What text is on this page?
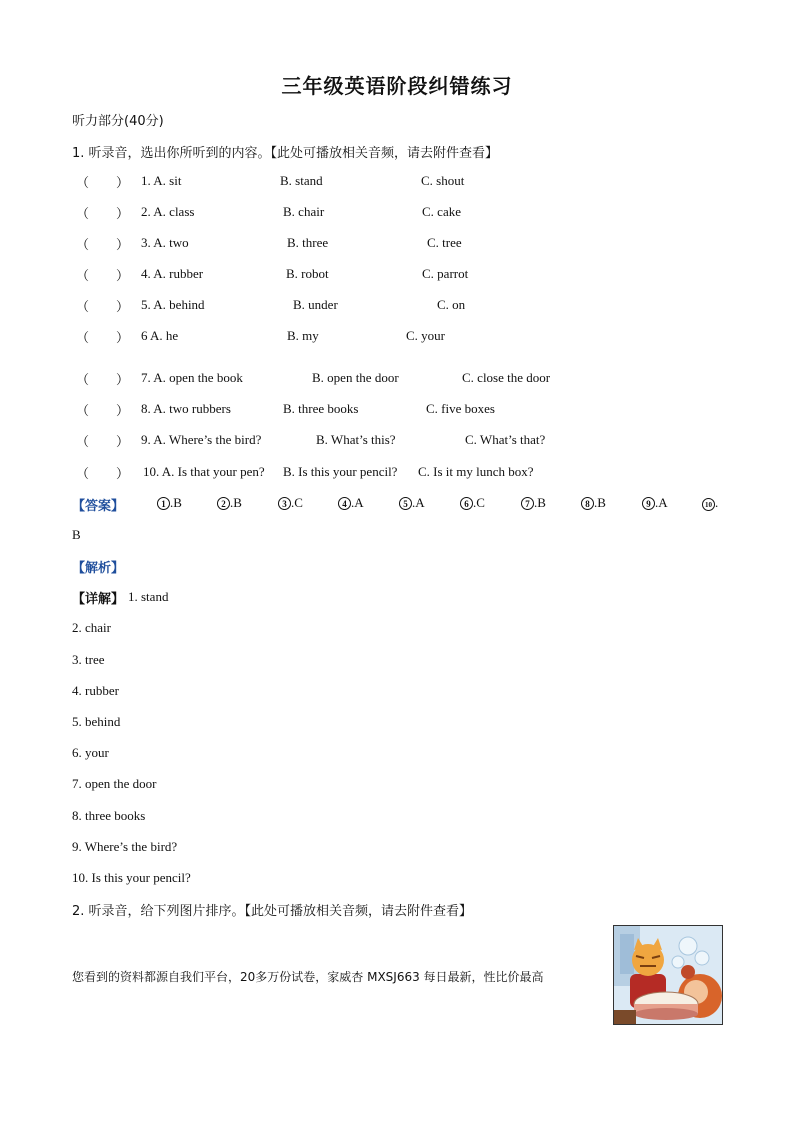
三年级英语阶段纠错练习
听力部分(40分)
1. 听录音，选出你所听到的内容。【此处可播放相关音频，请去附件查看】
（ ） 1. A. sit	B. stand	C. shout
（ ） 2. A. class	B. chair	C. cake
（ ） 3. A. two	B. three	C. tree
（ ） 4. A. rubber	B. robot	C. parrot
（ ） 5. A. behind	B. under	C. on
（ ） 6 A. he	B. my	C. your
（ ） 7. A. open the book	B. open the door	C. close the door
（ ） 8. A. two rubbers	B. three books	C. five boxes
（ ） 9. A. Where’s the bird?	B. What’s this?	C. What’s that?
（ ） 10. A. Is that your pen? B. Is this your pencil? C. Is it my lunch box?
【答案】	1 .B	2 .B	3 .C	4 .A	5 .A	6 .C	7 .B	8 .B	9 .A	10 .
B
【解析】
【详解】 1. stand
2. chair
3. tree
4. rubber
5. behind
6. your
7. open the door
8. three books
9. Where’s the bird?
10. Is this your pencil?
2. 听录音，给下列图片排序。【此处可播放相关音频，请去附件查看】
您看到的资料都源自我们平台，20多万份试卷，家威杏 MXSJ663 每日最新，性比价最高
